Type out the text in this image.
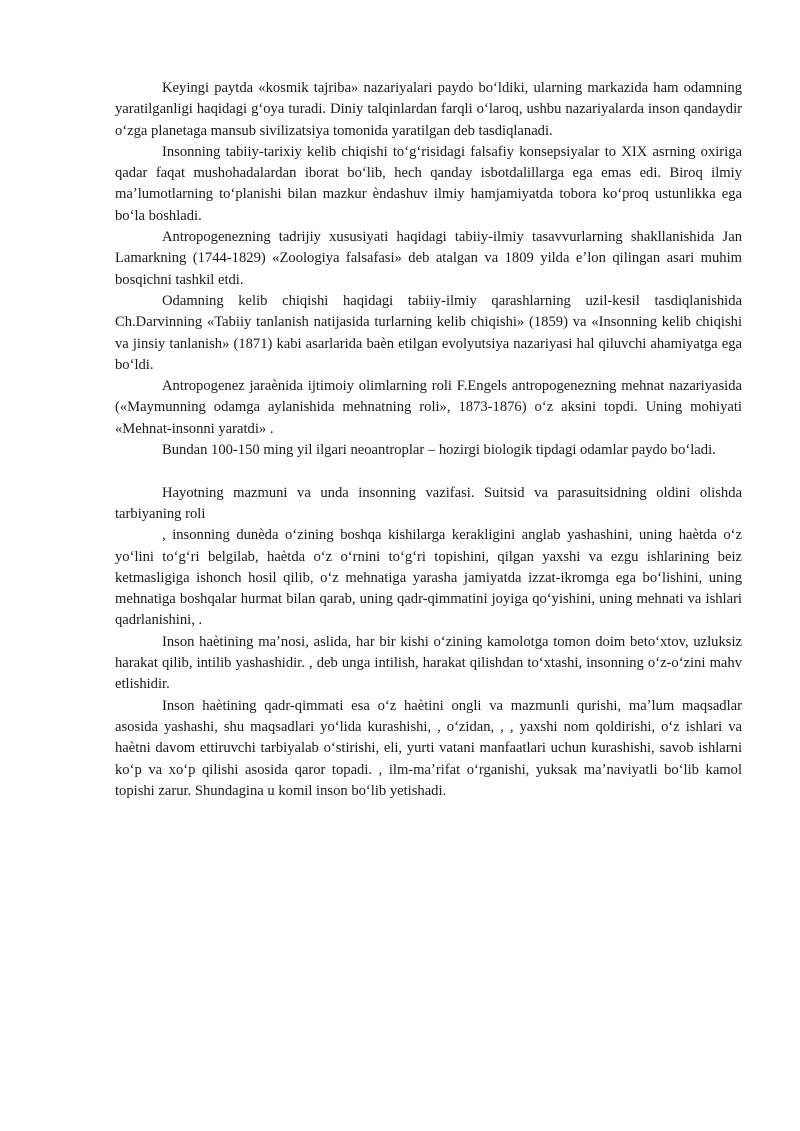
Keyingi paytda «kosmik tajriba» nazariyalari paydo boʻldiki, ularning markazida ham odamning yaratilganligi haqidagi gʻoya turadi. Diniy talqinlardan farqli oʻlaroq, ushbu nazariyalarda inson qandaydir oʻzga planetaga mansub sivilizatsiya tomonida yaratilgan deb tasdiqlanadi.

Insonning tabiiy-tarixiy kelib chiqishi toʻgʻrisidagi falsafiy konsepsiyalar to XIX asrning oxiriga qadar faqat mushohadalardan iborat boʻlib, hech qanday isbotdalillarga ega emas edi. Biroq ilmiy maʼlumotlarning toʻplanishi bilan mazkur ѐndashuv ilmiy hamjamiyatda tobora koʻproq ustunlikka ega boʻla boshladi.

Antropogenezning tadrijiy xususiyati haqidagi tabiiy-ilmiy tasavvurlarning shakllanishida Jan Lamarkning (1744-1829) «Zoologiya falsafasi» deb atalgan va 1809 yilda eʼlon qilingan asari muhim bosqichni tashkil etdi.

Odamning kelib chiqishi haqidagi tabiiy-ilmiy qarashlarning uzil-kesil tasdiqlanishida Ch.Darvinning «Tabiiy tanlanish natijasida turlarning kelib chiqishi» (1859) va «Insonning kelib chiqishi va jinsiy tanlanish» (1871) kabi asarlarida baѐn etilgan evolyutsiya nazariyasi hal qiluvchi ahamiyatga ega boʻldi.

Antropogenez jaraѐnida ijtimoiy olimlarning roli F.Engels antropogenezning mehnat nazariyasida («Maymunning odamga aylanishida mehnatning roli», 1873-1876) oʻz aksini topdi. Uning mohiyati «Mehnat-insonni yaratdi» .

Bundan 100-150 ming yil ilgari neoantroplar – hozirgi biologik tipdagi odamlar paydo boʻladi.

Hayotning mazmuni va unda insonning vazifasi. Suitsid va parasuitsidning oldini olishda tarbiyaning roli

, insonning dunѐda oʻzining boshqa kishilarga kerakligini anglab yashashini, uning haѐtda oʻz yoʻlini toʻgʻri belgilab, haѐtda oʻz oʻrnini toʻgʻri topishini, qilgan yaxshi va ezgu ishlarining beiz ketmasligiga ishonch hosil qilib, oʻz mehnatiga yarasha jamiyatda izzat-ikromga ega boʻlishini, uning mehnatiga boshqalar hurmat bilan qarab, uning qadr-qimmatini joyiga qoʻyishini, uning mehnati va ishlari qadrlanishini, .

Inson haѐtining maʼnosi, aslida, har bir kishi oʻzining kamolotga tomon doim betoʻxtov, uzluksiz harakat qilib, intilib yashashidir. , deb unga intilish, harakat qilishdan toʻxtashi, insonning oʻz-oʻzini mahv etlishidir.

Inson haѐtining qadr-qimmati esa oʻz haѐtini ongli va mazmunli qurishi, maʼlum maqsadlar asosida yashashi, shu maqsadlari yoʻlida kurashishi, , oʻzidan, , , yaxshi nom qoldirishi, oʻz ishlari va haѐtni davom ettiruvchi tarbiyalab oʻstirishi, eli, yurti vatani manfaatlari uchun kurashishi, savob ishlarni koʻp va xoʻp qilishi asosida qaror topadi. , ilm-maʼrifat oʻrganishi, yuksak maʼnaviyatli boʻlib kamol topishi zarur. Shundagina u komil inson boʻlib yetishadi.
